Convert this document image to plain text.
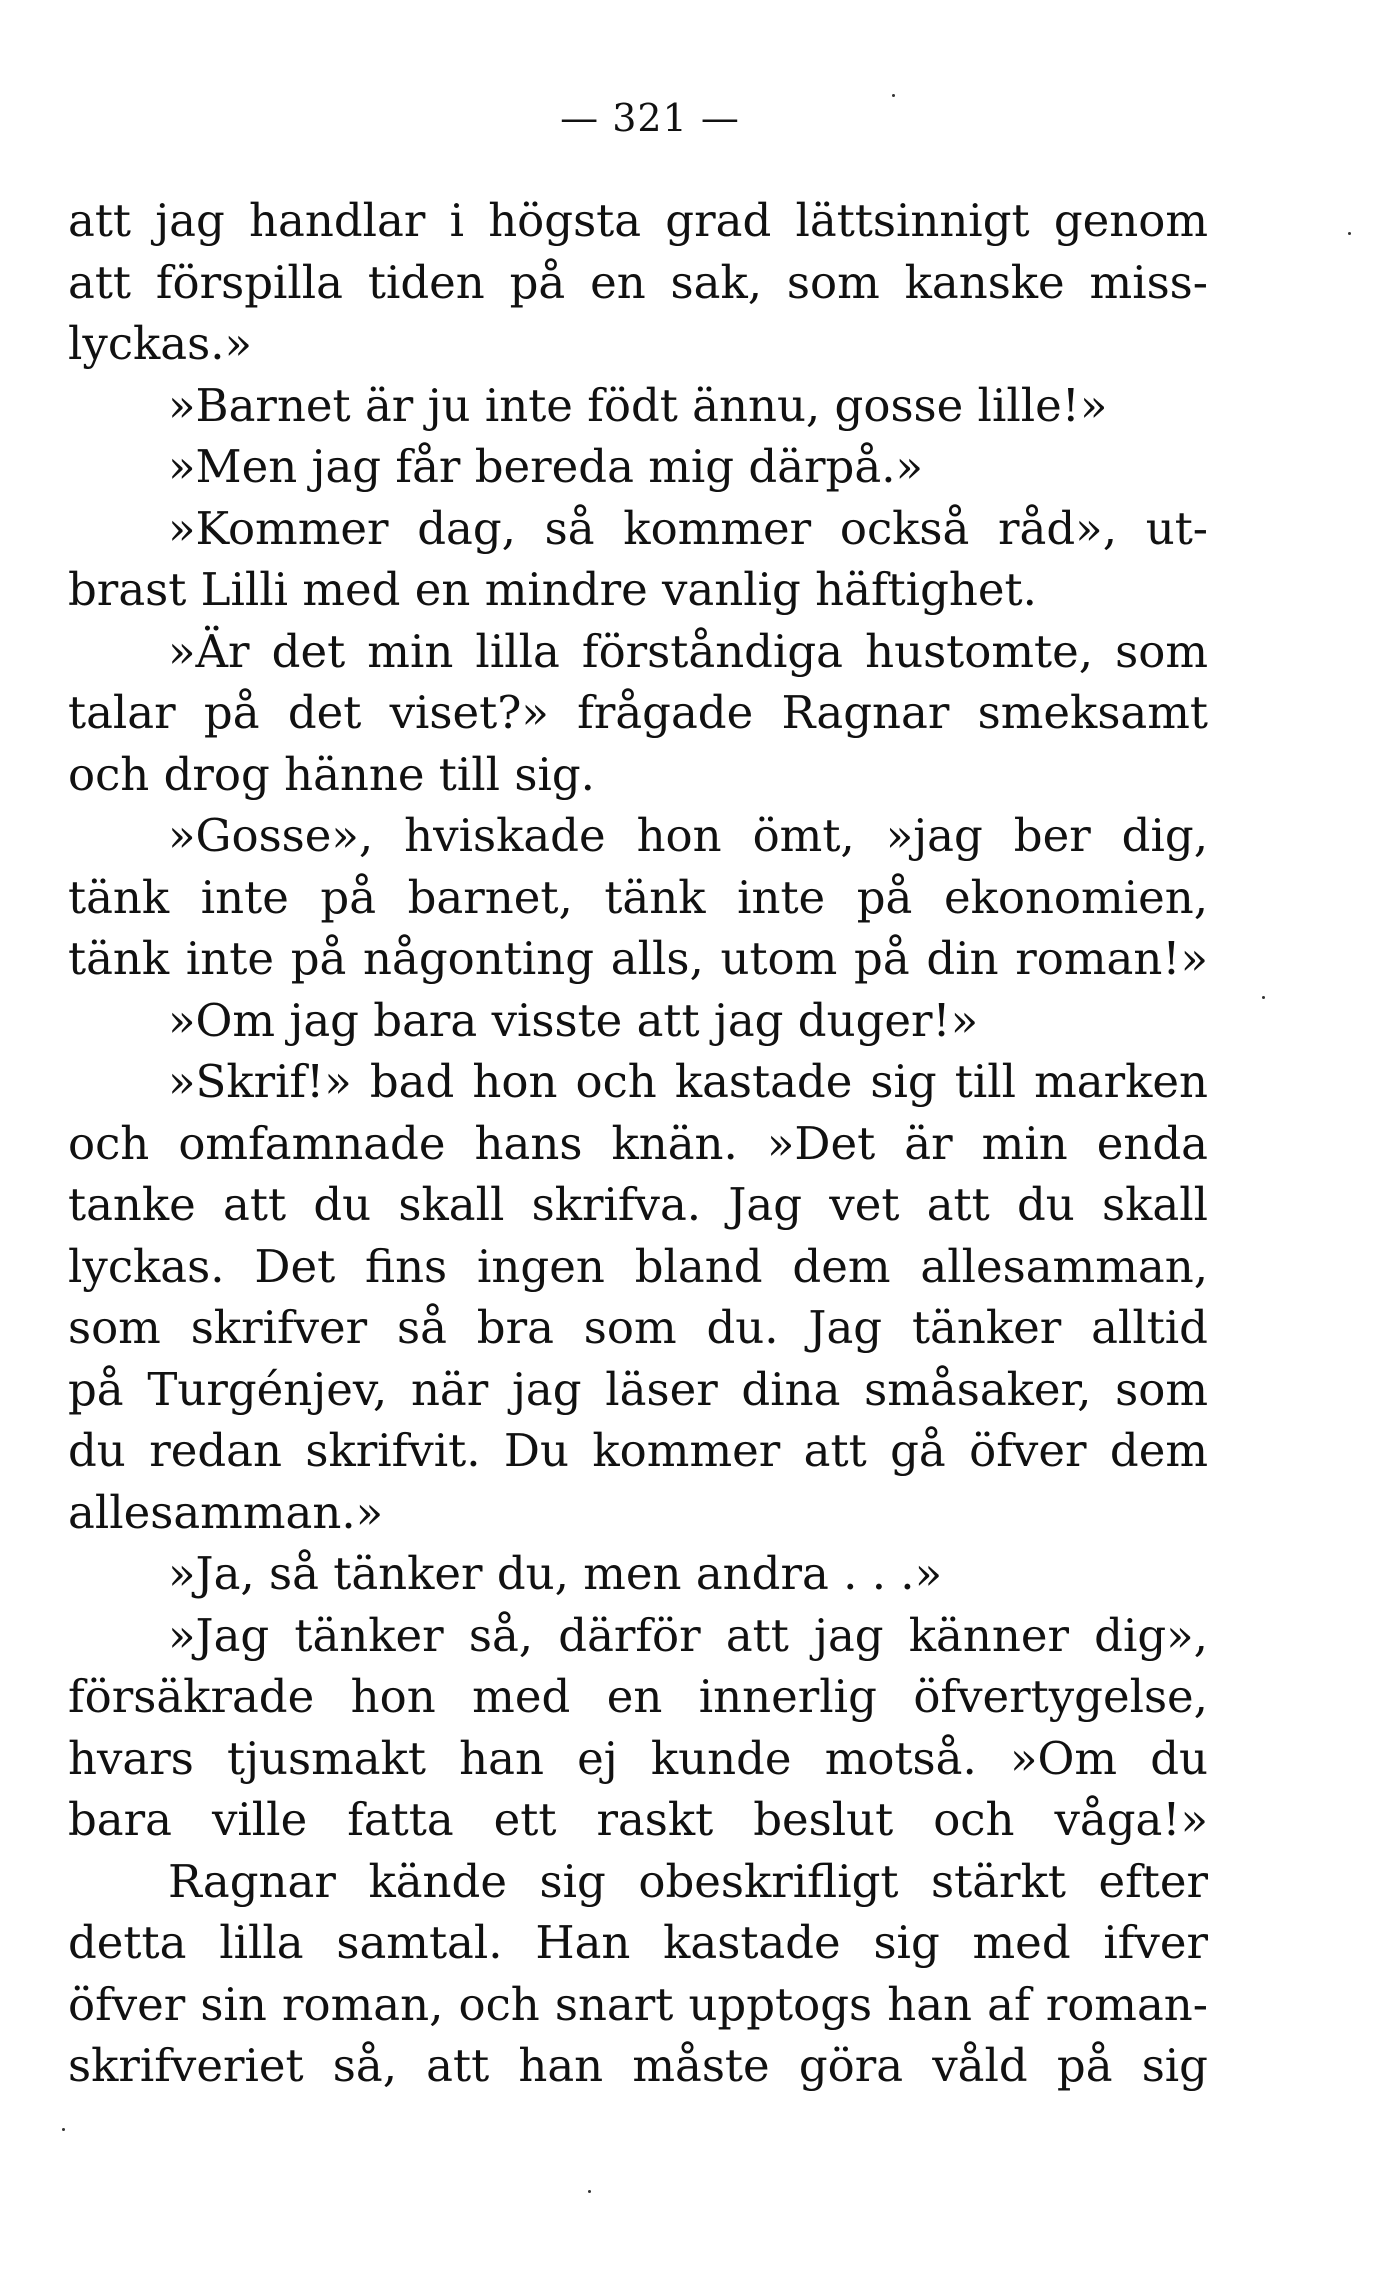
— 321 —
att jag handlar i högsta grad lättsinnigt genom
att förspilla tiden på en sak, som kanske miss-
lyckas.»
»Barnet är ju inte födt ännu, gosse lille!»
»Men jag får bereda mig därpå.»
»Kommer dag, så kommer också råd», ut-
brast Lilli med en mindre vanlig häftighet.
»Är det min lilla förståndiga hustomte, som
talar på det viset?» frågade Ragnar smeksamt
och drog hänne till sig.
»Gosse», hviskade hon ömt, »jag ber dig,
tänk inte på barnet, tänk inte på ekonomien,
tänk inte på någonting alls, utom på din roman!»
»Om jag bara visste att jag duger!»
»Skrif!» bad hon och kastade sig till marken
och omfamnade hans knän. »Det är min enda
tanke att du skall skrifva. Jag vet att du skall
lyckas. Det fins ingen bland dem allesamman,
som skrifver så bra som du. Jag tänker alltid
på Turgénjev, när jag läser dina småsaker, som
du redan skrifvit. Du kommer att gå öfver dem
allesamman.»
»Ja, så tänker du, men andra . . .»
»Jag tänker så, därför att jag känner dig»,
försäkrade hon med en innerlig öfvertygelse,
hvars tjusmakt han ej kunde motså. »Om du
bara ville fatta ett raskt beslut och våga!»
Ragnar kände sig obeskrifligt stärkt efter
detta lilla samtal. Han kastade sig med ifver
öfver sin roman, och snart upptogs han af roman-
skrifveriet så, att han måste göra våld på sig
